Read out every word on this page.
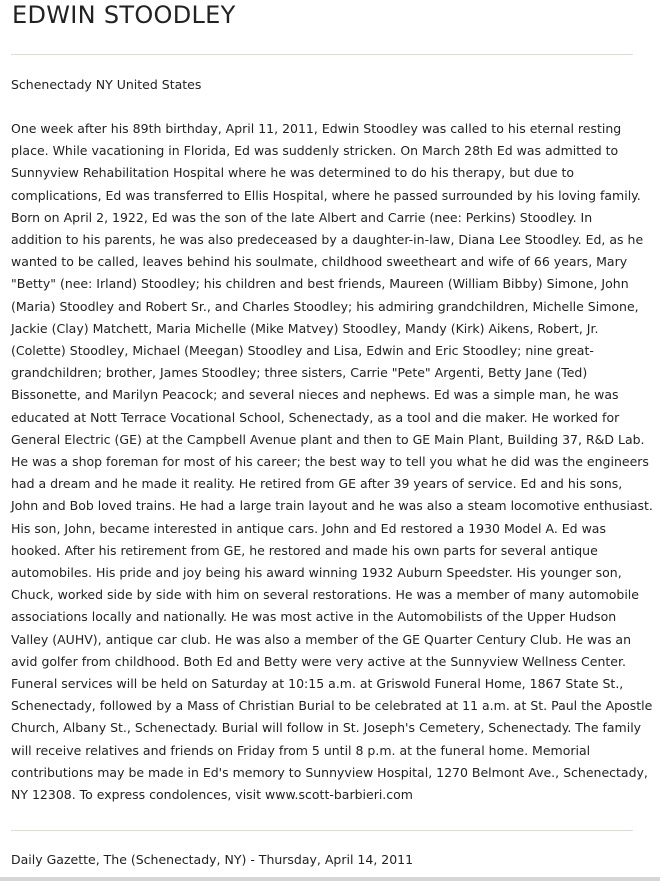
EDWIN STOODLEY
Schenectady NY United States
One week after his 89th birthday, April 11, 2011, Edwin Stoodley was called to his eternal resting
place. While vacationing in Florida, Ed was suddenly stricken. On March 28th Ed was admitted to
Sunnyview Rehabilitation Hospital where he was determined to do his therapy, but due to
complications, Ed was transferred to Ellis Hospital, where he passed surrounded by his loving family.
Born on April 2, 1922, Ed was the son of the late Albert and Carrie (nee: Perkins) Stoodley. In
addition to his parents, he was also predeceased by a daughter-in-law, Diana Lee Stoodley. Ed, as he
wanted to be called, leaves behind his soulmate, childhood sweetheart and wife of 66 years, Mary
"Betty" (nee: Irland) Stoodley; his children and best friends, Maureen (William Bibby) Simone, John
(Maria) Stoodley and Robert Sr., and Charles Stoodley; his admiring grandchildren, Michelle Simone,
Jackie (Clay) Matchett, Maria Michelle (Mike Matvey) Stoodley, Mandy (Kirk) Aikens, Robert, Jr.
(Colette) Stoodley, Michael (Meegan) Stoodley and Lisa, Edwin and Eric Stoodley; nine great-
grandchildren; brother, James Stoodley; three sisters, Carrie "Pete" Argenti, Betty Jane (Ted)
Bissonette, and Marilyn Peacock; and several nieces and nephews. Ed was a simple man, he was
educated at Nott Terrace Vocational School, Schenectady, as a tool and die maker. He worked for
General Electric (GE) at the Campbell Avenue plant and then to GE Main Plant, Building 37, R&D Lab.
He was a shop foreman for most of his career; the best way to tell you what he did was the engineers
had a dream and he made it reality. He retired from GE after 39 years of service. Ed and his sons,
John and Bob loved trains. He had a large train layout and he was also a steam locomotive enthusiast.
His son, John, became interested in antique cars. John and Ed restored a 1930 Model A. Ed was
hooked. After his retirement from GE, he restored and made his own parts for several antique
automobiles. His pride and joy being his award winning 1932 Auburn Speedster. His younger son,
Chuck, worked side by side with him on several restorations. He was a member of many automobile
associations locally and nationally. He was most active in the Automobilists of the Upper Hudson
Valley (AUHV), antique car club. He was also a member of the GE Quarter Century Club. He was an
avid golfer from childhood. Both Ed and Betty were very active at the Sunnyview Wellness Center.
Funeral services will be held on Saturday at 10:15 a.m. at Griswold Funeral Home, 1867 State St.,
Schenectady, followed by a Mass of Christian Burial to be celebrated at 11 a.m. at St. Paul the Apostle
Church, Albany St., Schenectady. Burial will follow in St. Joseph's Cemetery, Schenectady. The family
will receive relatives and friends on Friday from 5 until 8 p.m. at the funeral home. Memorial
contributions may be made in Ed's memory to Sunnyview Hospital, 1270 Belmont Ave., Schenectady,
NY 12308. To express condolences, visit www.scott-barbieri.com
Daily Gazette, The (Schenectady, NY) - Thursday, April 14, 2011
